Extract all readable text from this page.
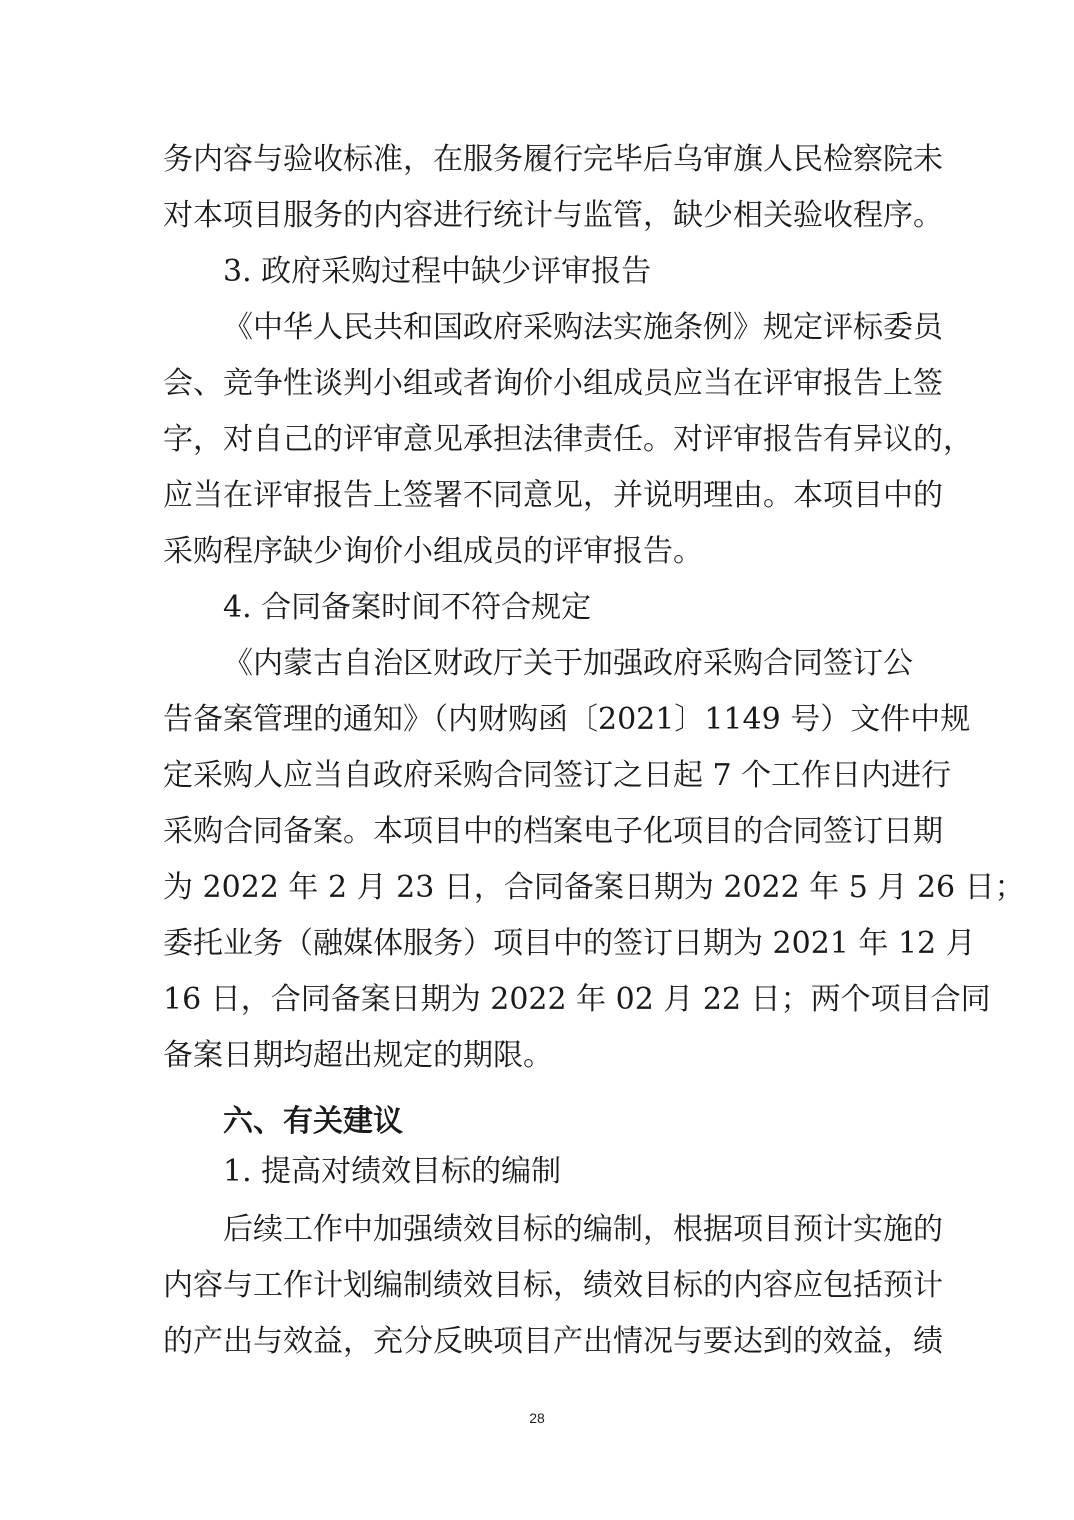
务内容与验收标准，在服务履行完毕后乌审旗人民检察院未
对本项目服务的内容进行统计与监管，缺少相关验收程序。
3. 政府采购过程中缺少评审报告
《中华人民共和国政府采购法实施条例》规定评标委员
会、竞争性谈判小组或者询价小组成员应当在评审报告上签
字，对自己的评审意见承担法律责任。对评审报告有异议的，
应当在评审报告上签署不同意见，并说明理由。本项目中的
采购程序缺少询价小组成员的评审报告。
4. 合同备案时间不符合规定
《内蒙古自治区财政厅关于加强政府采购合同签订公
告备案管理的通知》（内财购函〔2021〕1149 号）文件中规
定采购人应当自政府采购合同签订之日起 7 个工作日内进行
采购合同备案。本项目中的档案电子化项目的合同签订日期
为 2022 年 2 月 23 日，合同备案日期为 2022 年 5 月 26 日；
委托业务（融媒体服务）项目中的签订日期为 2021 年 12 月
16 日，合同备案日期为 2022 年 02 月 22 日；两个项目合同
备案日期均超出规定的期限。
六、有关建议
1. 提高对绩效目标的编制
后续工作中加强绩效目标的编制，根据项目预计实施的
内容与工作计划编制绩效目标，绩效目标的内容应包括预计
的产出与效益，充分反映项目产出情况与要达到的效益，绩
28
